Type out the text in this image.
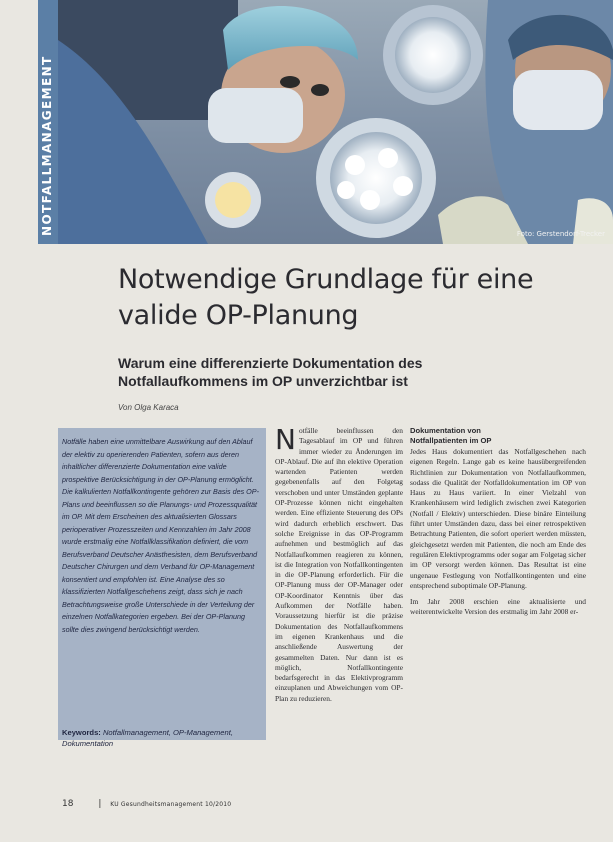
Foto: Gerstendorf-Trecker
NOTFALLMANAGEMENT
Notwendige Grundlage für eine valide OP-Planung
Warum eine differenzierte Dokumentation des Notfallaufkommens im OP unverzichtbar ist
Von Olga Karaca

Notfälle haben eine unmittelbare Auswirkung auf den Ablauf der elektiv zu operierenden Patienten, sofern aus deren inhaltlicher differenzierte Dokumentation eine valide prospektive Berücksichtigung in der OP-Planung ermöglicht. Die kalkulierten Notfallkontingente gehören zur Basis des OP-Plans und beeinflussen so die Planungs- und Prozessqualität im OP. Mit dem Erscheinen des aktualisierten Glossars perioperativer Prozesszeiten und Kennzahlen im Jahr 2008 wurde erstmalig eine Notfallklassifikation definiert, die vom Berufsverband Deutscher Anästhesisten, dem Berufsverband Deutscher Chirurgen und dem Verband für OP-Management konsentiert und empfohlen ist. Eine Analyse des so klassifizierten Notfallgeschehens zeigt, dass sich je nach Betrachtungsweise große Unterschiede in der Verteilung der einzelnen Notfallkategorien ergeben. Bei der OP-Planung sollte dies zwingend berücksichtigt werden.

Keywords: Notfallmanagement, OP-Management, Dokumentation

Notfälle beeinflussen den Tagesablauf im OP und führen immer wieder zu Änderungen im OP-Ablauf. Die auf ihn elektive Operation wartenden Patienten werden gegebenenfalls auf den Folgetag verschoben und unter Umständen geplante OP-Prozesse können nicht eingehalten werden. Eine effiziente Steuerung des OPs wird dadurch erheblich erschwert. Das solche Ereignisse in das OP-Programm aufnehmen und bestmöglich auf das Notfallaufkommen reagieren zu können, ist die Integration von Notfallkontingenten in die OP-Planung erforderlich. Für die OP-Planung muss der OP-Manager oder OP-Koordinator Kenntnis über das Aufkommen der Notfälle haben. Voraussetzung hierfür ist die präzise Dokumentation des Notfallaufkommens im eigenen Krankenhaus und die anschließende Auswertung der gesammelten Daten. Nur dann ist es möglich, Notfallkontingente bedarfsgerecht in das Elektivprogramm einzuplanen und Abweichungen vom OP-Plan zu reduzieren.

Dokumentation von
Notfallpatienten im OP

Jedes Haus dokumentiert das Notfallgeschehen nach eigenen Regeln. Lange gab es keine hausübergreifenden Richtlinien zur Dokumentation von Notfallaufkommen, sodass die Qualität der Notfalldokumentation im OP von Haus zu Haus variiert. In einer Vielzahl von Krankenhäusern wird lediglich zwischen zwei Kategorien (Notfall / Elektiv) unterschieden. Diese binäre Einteilung führt unter Umständen dazu, dass bei einer retrospektiven Betrachtung Patienten, die sofort operiert werden müssten, gleichgesetzt werden mit Patienten, die noch am Ende des regulären Elektivprogramms oder sogar am Folgetag sicher im OP versorgt werden können. Das Resultat ist eine ungenaue Festlegung von Notfallkontingenten und eine entsprechend suboptimale OP-Planung.

Im Jahr 2008 erschien eine aktualisierte und weiterentwickelte Version des erstmalig im Jahr 2008 er-

18	| KU Gesundheitsmanagement 10/2010
